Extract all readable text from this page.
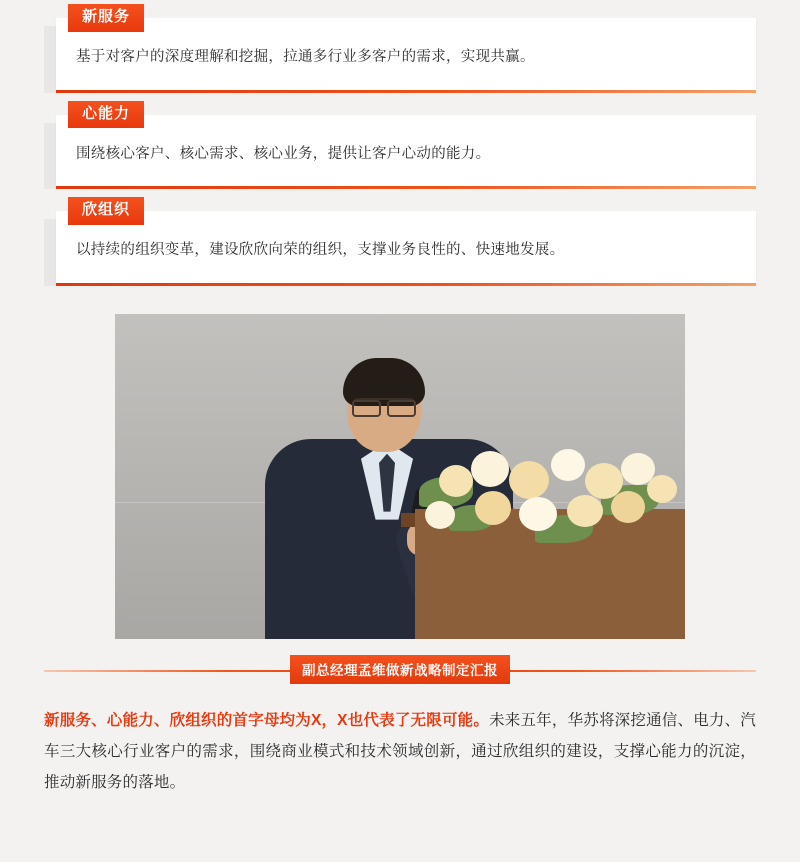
新服务
基于对客户的深度理解和挖掘，拉通多行业多客户的需求，实现共赢。
心能力
围绕核心客户、核心需求、核心业务，提供让客户心动的能力。
欣组织
以持续的组织变革，建设欣欣向荣的组织，支撑业务良性的、快速地发展。
副总经理孟维做新战略制定汇报
新服务、心能力、欣组织的首字母均为X，X也代表了无限可能。未来五年，华苏将深挖通信、电力、汽车三大核心行业客户的需求，围绕商业模式和技术领域创新，通过欣组织的建设，支撑心能力的沉淀，推动新服务的落地。
